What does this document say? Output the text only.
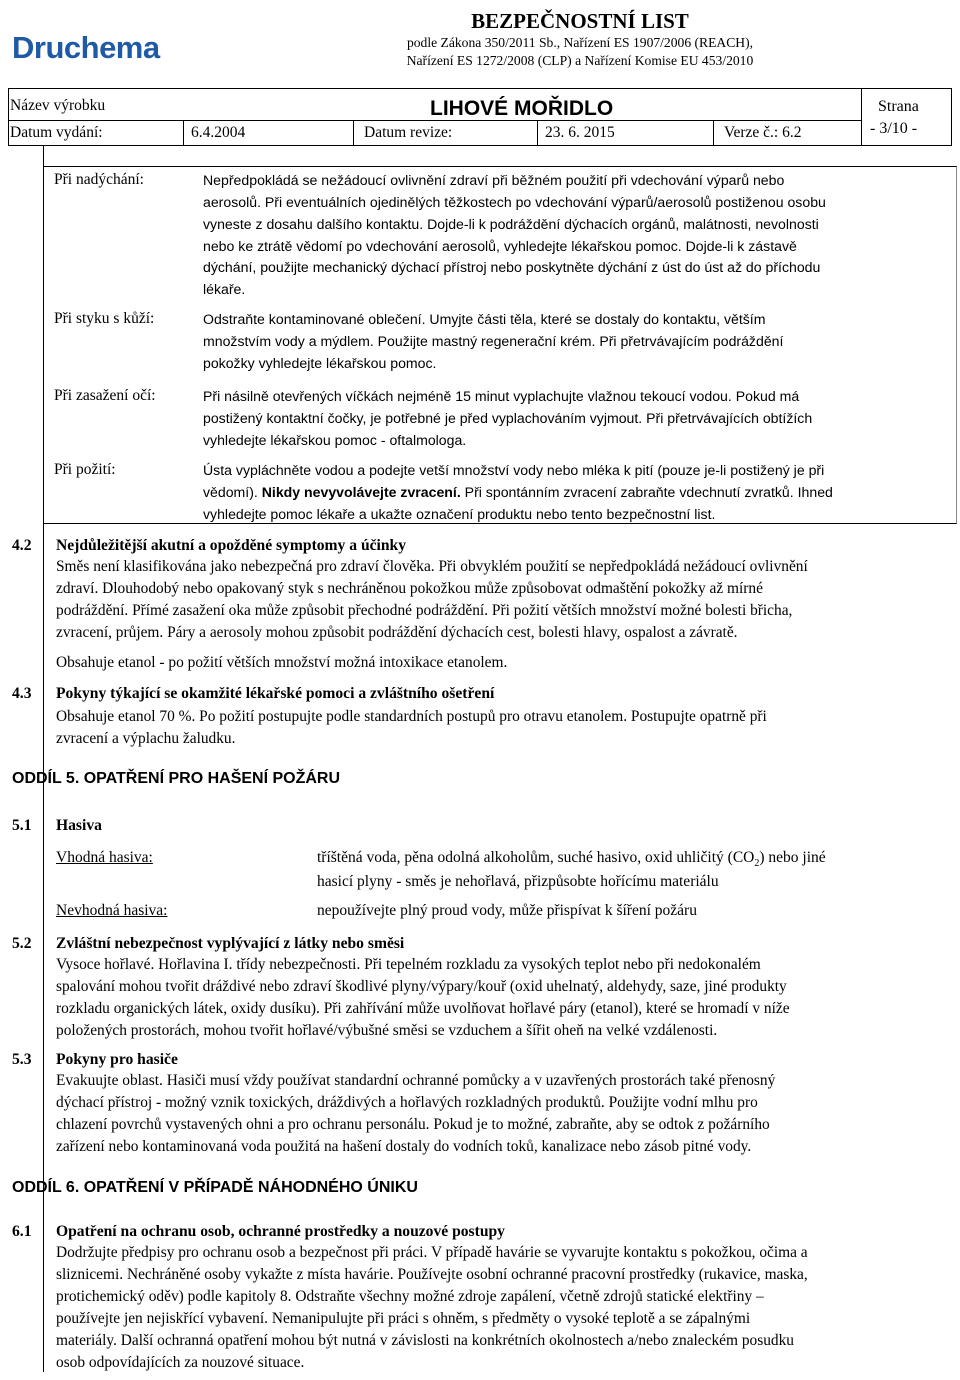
Druchema
BEZPEČNOSTNÍ LIST
podle Zákona 350/2011 Sb., Nařízení ES 1907/2006 (REACH),
Nařízení ES 1272/2008 (CLP) a Nařízení Komise EU 453/2010
Název výrobku	LIHOVÉ MOŘIDLO	Strana
Datum vydání:	6.4.2004	Datum revize:	23. 6. 2015	Verze č.: 6.2	- 3/10 -
Při nadýchání:	Nepředpokládá se nežádoucí ovlivnění zdraví při běžném použití při vdechování výparů nebo
aerosolů. Při eventuálních ojedinělých těžkostech po vdechování výparů/aerosolů postiženou osobu
vyneste z dosahu dalšího kontaktu. Dojde-li k podráždění dýchacích orgánů, malátnosti, nevolnosti
nebo ke ztrátě vědomí po vdechování aerosolů, vyhledejte lékařskou pomoc. Dojde-li k zástavě
dýchání, použijte mechanický dýchací přístroj nebo poskytněte dýchání z úst do úst až do příchodu
lékaře.
Při styku s kůží:	Odstraňte kontaminované oblečení. Umyjte části těla, které se dostaly do kontaktu, větším
množstvím vody a mýdlem. Použijte mastný regenerační krém. Při přetrvávajícím podráždění
pokožky vyhledejte lékařskou pomoc.
Při zasažení očí:	Při násilně otevřených víčkách nejméně 15 minut vyplachujte vlažnou tekoucí vodou. Pokud má
postižený kontaktní čočky, je potřebné je před vyplachováním vyjmout. Při přetrvávajících obtížích
vyhledejte lékařskou pomoc - oftalmologa.
Při požití:	Ústa vypláchněte vodou a podejte vetší množství vody nebo mléka k pití (pouze je-li postižený je při
vědomí). Nikdy nevyvolávejte zvracení. Při spontánním zvracení zabraňte vdechnutí zvratků. Ihned
vyhledejte pomoc lékaře a ukažte označení produktu nebo tento bezpečnostní list.
4.2 Nejdůležitější akutní a opožděné symptomy a účinky
Směs není klasifikována jako nebezpečná pro zdraví člověka. Při obvyklém použití se nepředpokládá nežádoucí ovlivnění
zdraví. Dlouhodobý nebo opakovaný styk s nechráněnou pokožkou může způsobovat odmaštění pokožky až mírné
podráždění. Přímé zasažení oka může způsobit přechodné podráždění. Při požití větších množství možné bolesti břicha,
zvracení, průjem. Páry a aerosoly mohou způsobit podráždění dýchacích cest, bolesti hlavy, ospalost a závratě.
Obsahuje etanol - po požití větších množství možná intoxikace etanolem.
4.3 Pokyny týkající se okamžité lékařské pomoci a zvláštního ošetření
Obsahuje etanol 70 %. Po požití postupujte podle standardních postupů pro otravu etanolem. Postupujte opatrně při
zvracení a výplachu žaludku.
ODDÍL 5. OPATŘENÍ PRO HAŠENÍ POŽÁRU
5.1 Hasiva
Vhodná hasiva:	tříštěná voda, pěna odolná alkoholům, suché hasivo, oxid uhličitý $(CO_2)$ nebo jiné
hasicí plyny - směs je nehořlavá, přizpůsobte hořícímu materiálu
Nevhodná hasiva:	nepoužívejte plný proud vody, může přispívat k šíření požáru
5.2 Zvláštní nebezpečnost vyplývající z látky nebo směsi
Vysoce hořlavé. Hořlavina I. třídy nebezpečnosti. Při tepelném rozkladu za vysokých teplot nebo při nedokonalém
spalování mohou tvořit dráždivé nebo zdraví škodlivé plyny/výpary/kouř (oxid uhelnatý, aldehydy, saze, jiné produkty
rozkladu organických látek, oxidy dusíku). Při zahřívání může uvolňovat hořlavé páry (etanol), které se hromadí v níže
položených prostorách, mohou tvořit hořlavé/výbušné směsi se vzduchem a šířit oheň na velké vzdálenosti.
5.3 Pokyny pro hasiče
Evakuujte oblast. Hasiči musí vždy používat standardní ochranné pomůcky a v uzavřených prostorách také přenosný
dýchací přístroj - možný vznik toxických, dráždivých a hořlavých rozkladných produktů. Použijte vodní mlhu pro
chlazení povrchů vystavených ohni a pro ochranu personálu. Pokud je to možné, zabraňte, aby se odtok z požárního
zařízení nebo kontaminovaná voda použitá na hašení dostaly do vodních toků, kanalizace nebo zásob pitné vody.
ODDÍL 6. OPATŘENÍ V PŘÍPADĚ NÁHODNÉHO ÚNIKU
6.1 Opatření na ochranu osob, ochranné prostředky a nouzové postupy
Dodržujte předpisy pro ochranu osob a bezpečnost při práci. V případě havárie se vyvarujte kontaktu s pokožkou, očima a
sliznicemi. Nechráněné osoby vykažte z místa havárie. Používejte osobní ochranné pracovní prostředky (rukavice, maska,
protichemický oděv) podle kapitoly 8. Odstraňte všechny možné zdroje zapálení, včetně zdrojů statické elektřiny –
používejte jen nejiskřící vybavení. Nemanipulujte při práci s ohněm, s předměty o vysoké teplotě a se zápalnými
materiály. Další ochranná opatření mohou být nutná v závislosti na konkrétních okolnostech a/nebo znaleckém posudku
osob odpovídajících za nouzové situace.
